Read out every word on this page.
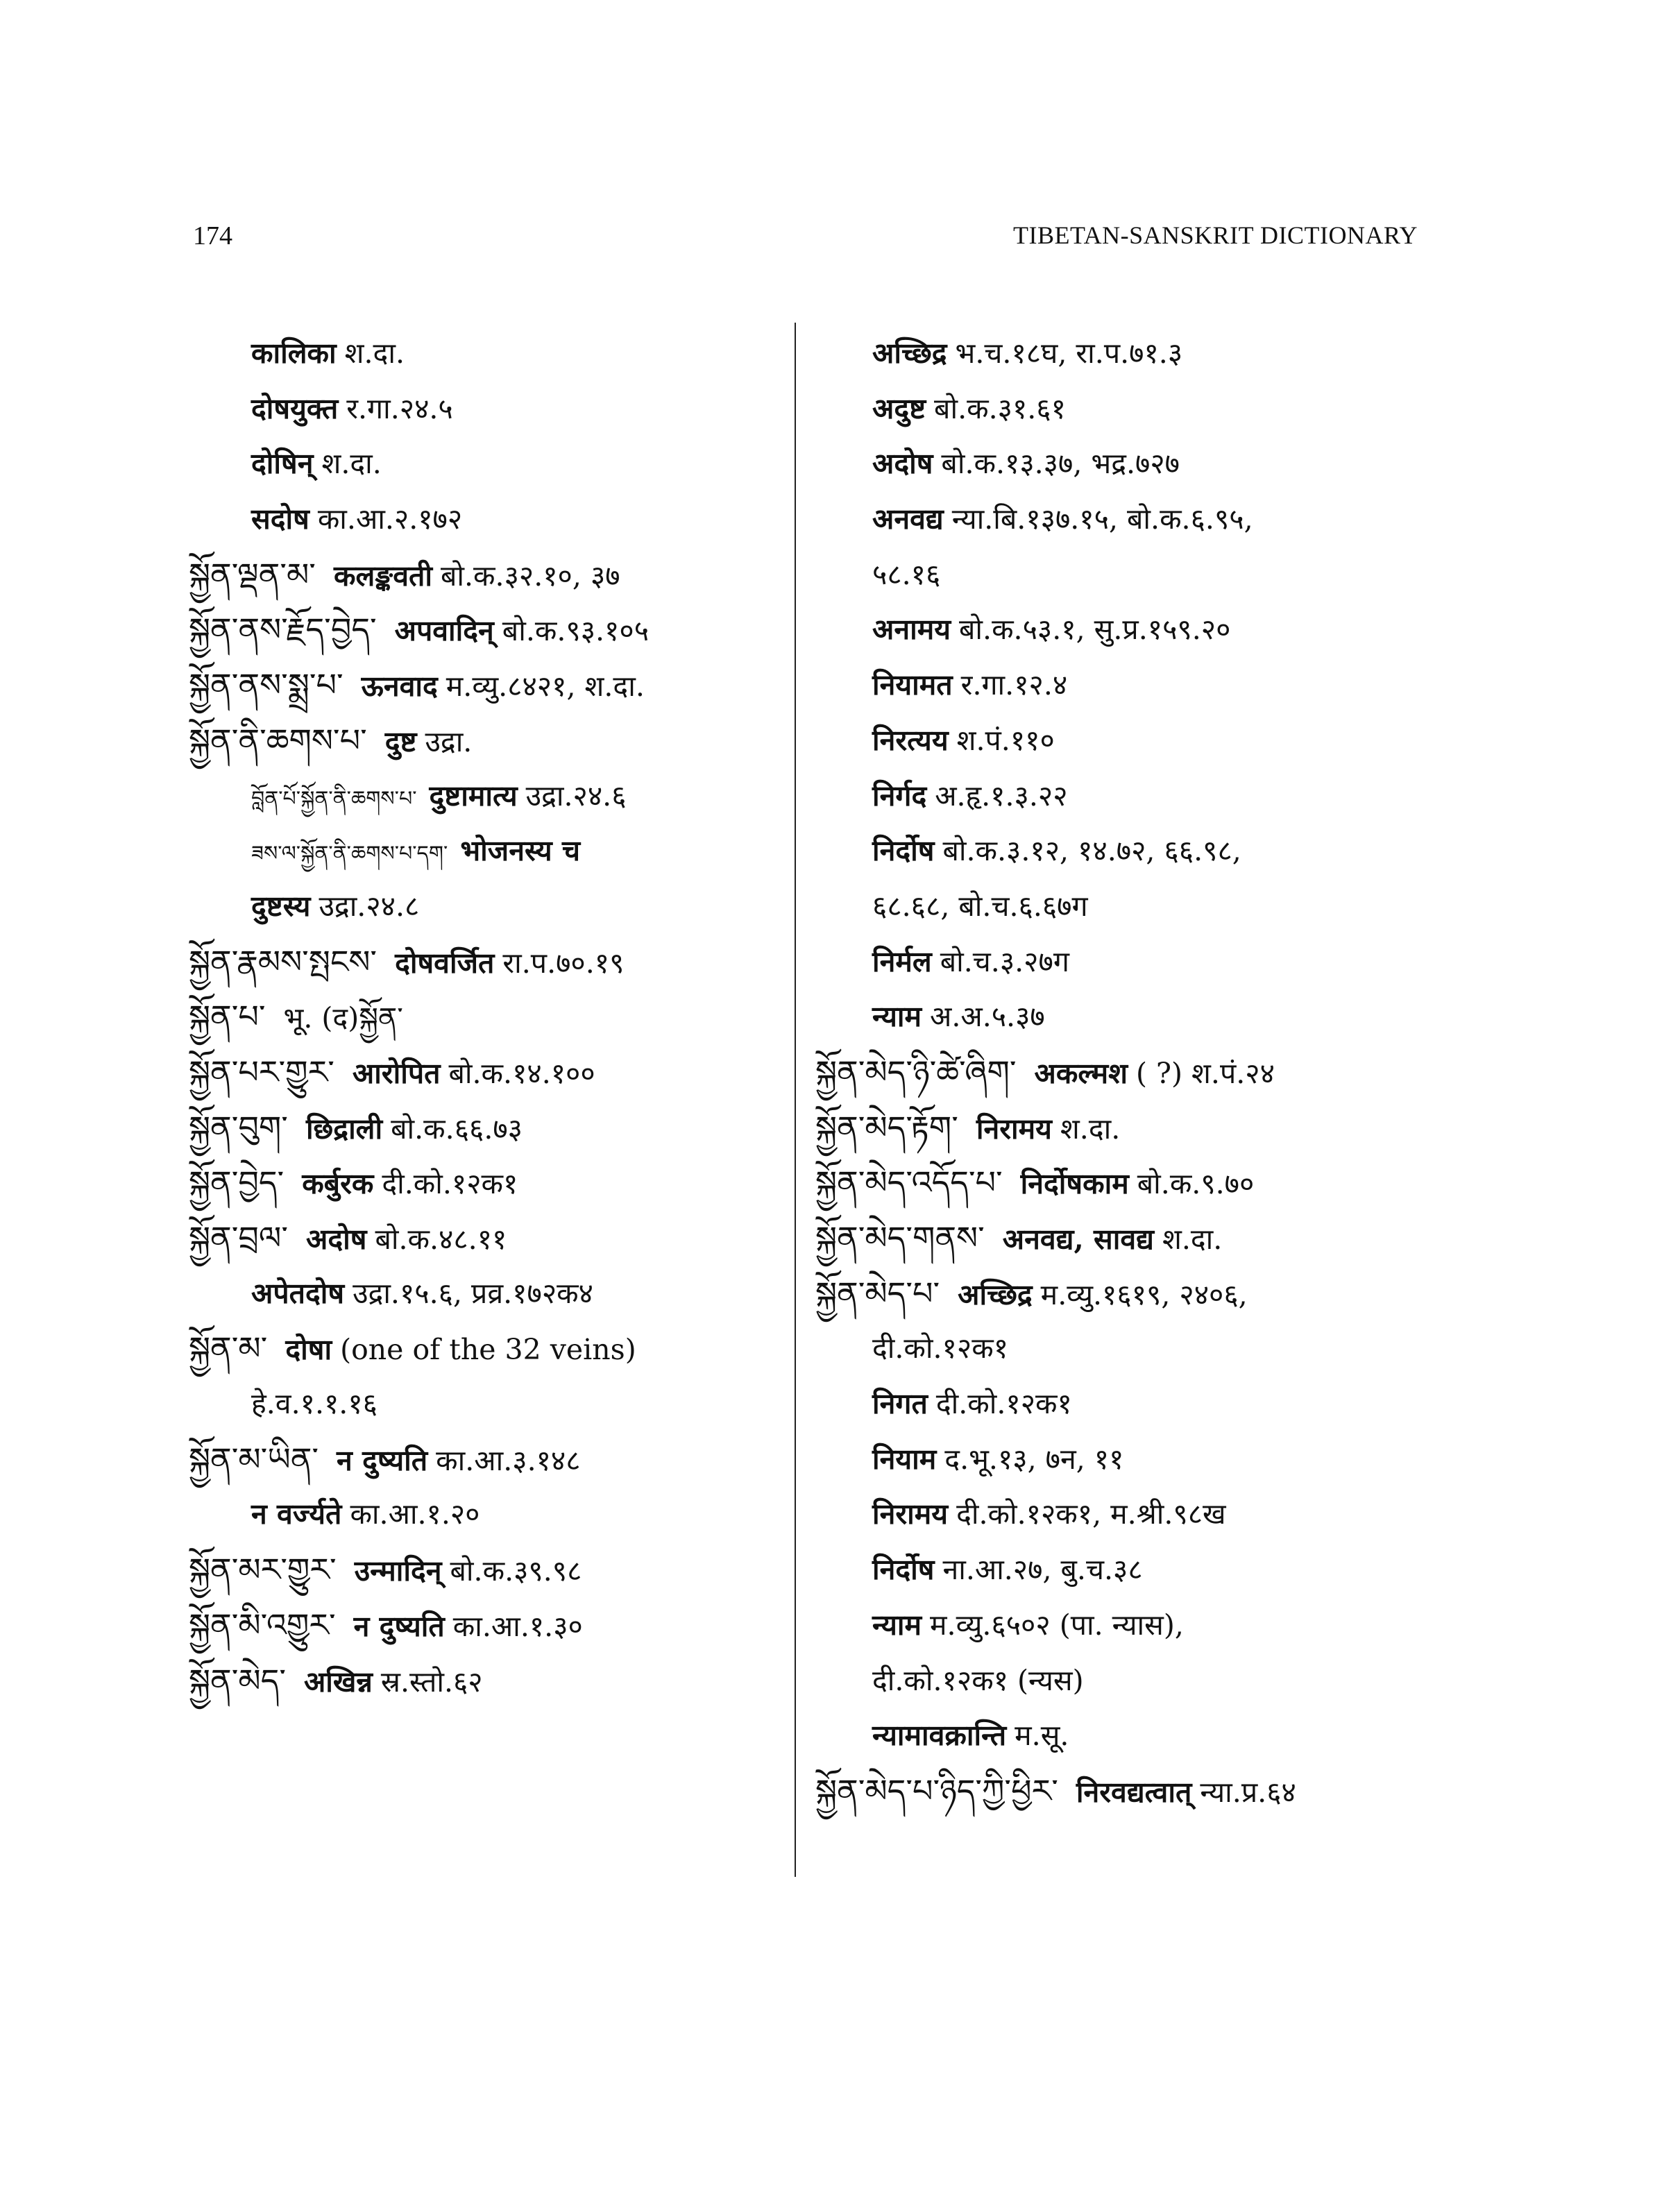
174	TIBETAN-SANSKRIT DICTIONARY
कालिका श.दा.
दोषयुक्त र.गा.२४.५
दोषिन् श.दा.
सदोष का.आ.२.१७२
སྐྱོན་ལྡན་མ་ कलङ्कवती बो.क.३२.१०, ३७
སྐྱོན་ནས་རྗོད་བྱེད་ अपवादिन् बो.क.९३.१०५
སྐྱོན་ནས་སྨྲ་པ་ ऊनवाद म.व्यु.८४२१, श.दा.
སྐྱོན་ནི་ཆགས་པ་ दुष्ट उद्रा.
བློན་པོ་སྐྱོན་ནི་ཆགས་པ་ दुष्टामात्य उद्रा.२४.६
ཟས་ལ་སྐྱོན་ནི་ཆགས་པ་དག་ भोजनस्य च
दुष्टस्य उद्रा.२४.८
སྐྱོན་རྣམས་སྤངས་ दोषवर्जित रा.प.७०.१९
སྐྱོན་པ་ भू. (द)སྐྱོན་
སྐྱོན་པར་གྱུར་ आरोपित बो.क.१४.१००
སྐྱོན་བུག་ छिद्राली बो.क.६६.७३
སྐྱོན་བྱེད་ कर्बुरक दी.को.१२क१
སྐྱོན་བྲལ་ अदोष बो.क.४८.११
अपेतदोष उद्रा.१५.६, प्रव्र.१७२क४
སྐྱོན་མ་ दोषा (one of the 32 veins)
हे.व.१.१.१६
སྐྱོན་མ་ཡིན་ न दुष्यति का.आ.३.१४८
न वर्ज्यते का.आ.१.२०
སྐྱོན་མར་གྱུར་ उन्मादिन् बो.क.३९.९८
སྐྱོན་མི་འགྱུར་ न दुष्यति का.आ.१.३०
སྐྱོན་མེད་ अखिन्न स्र.स्तो.६२
अच्छिद्र भ.च.१८घ, रा.प.७१.३
अदुष्ट बो.क.३१.६१
अदोष बो.क.१३.३७, भद्र.७२७
अनवद्य न्या.बि.१३७.१५, बो.क.६.९५,
५८.१६
अनामय बो.क.५३.१, सु.प्र.१५९.२०
नियामत र.गा.१२.४
निरत्यय श.पं.११०
निर्गद अ.हृ.१.३.२२
निर्दोष बो.क.३.१२, १४.७२, ६६.९८,
६८.६८, बो.च.६.६७ग
निर्मल बो.च.३.२७ग
न्याम अ.अ.५.३७
སྐྱོན་མེད་ཉི་ཚེ་ཞིག་ अकल्मश ( ?) श.पं.२४
སྐྱོན་མེད་རྟོག་ निरामय श.दा.
སྐྱོན་མེད་འདོད་པ་ निर्दोषकाम बो.क.९.७०
སྐྱོན་མེད་གནས་ अनवद्य, सावद्य श.दा.
སྐྱོན་མེད་པ་ अच्छिद्र म.व्यु.१६१९, २४०६,
दी.को.१२क१
निगत दी.को.१२क१
नियाम द.भू.१३, ७न, ११
निरामय दी.को.१२क१, म.श्री.९८ख
निर्दोष ना.आ.२७, बु.च.३८
न्याम म.व्यु.६५०२ (पा. न्यास),
दी.को.१२क१ (न्यस)
न्यामावक्रान्ति म.सू.
སྐྱོན་མེད་པ་ཉིད་ཀྱི་ཕྱིར་ निरवद्यत्वात् न्या.प्र.६४
